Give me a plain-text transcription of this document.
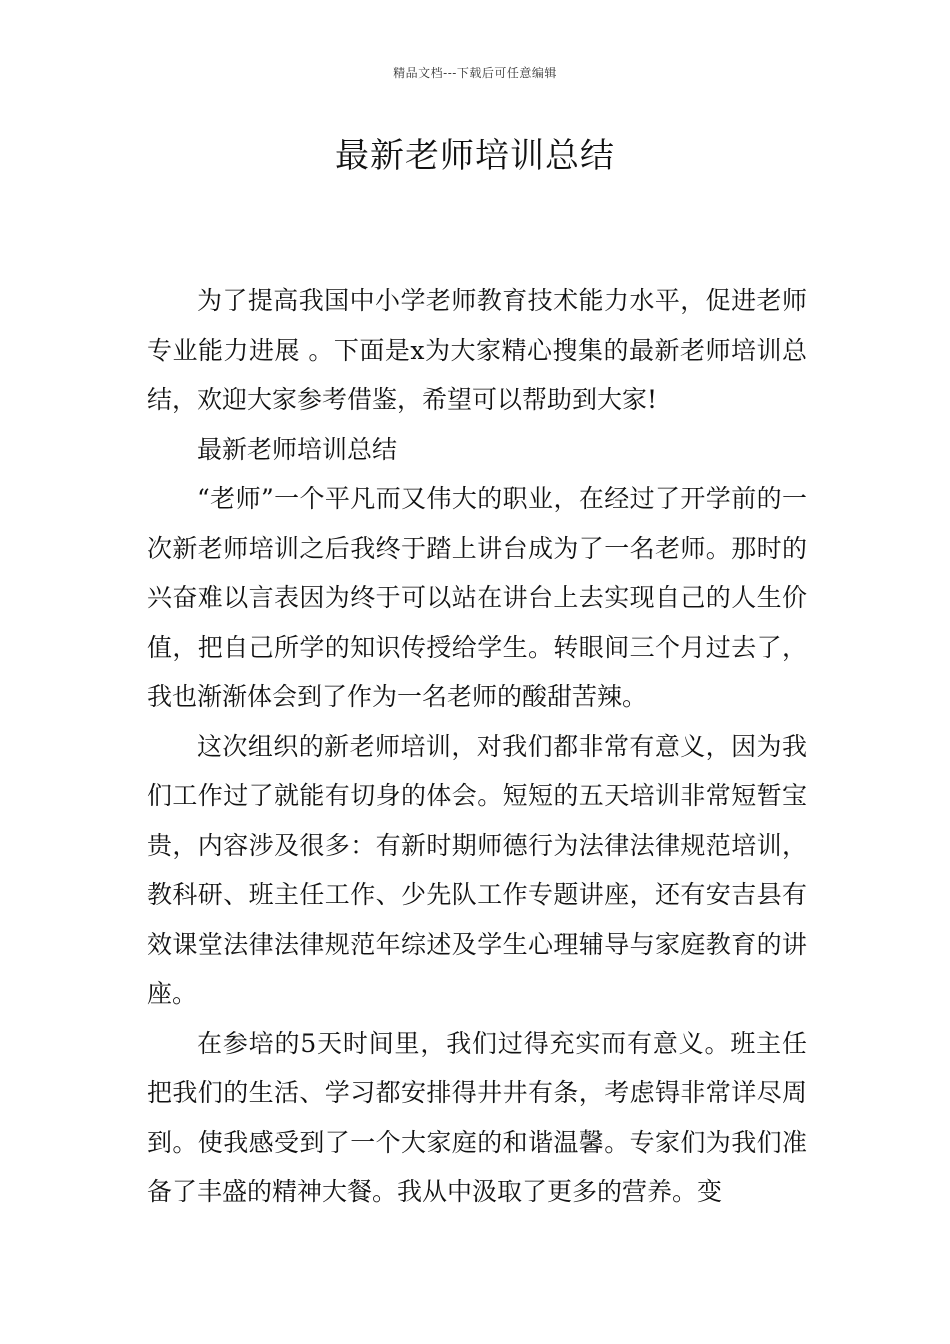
精品文档---下载后可任意编辑
最新老师培训总结

为了提高我国中小学老师教育技术能力水平，促进老师专业能力进展 。下面是x为大家精心搜集的最新老师培训总结，欢迎大家参考借鉴，希望可以帮助到大家!

最新老师培训总结

“老师”一个平凡而又伟大的职业，在经过了开学前的一次新老师培训之后我终于踏上讲台成为了一名老师。那时的兴奋难以言表因为终于可以站在讲台上去实现自己的人生价值，把自己所学的知识传授给学生。转眼间三个月过去了，我也渐渐体会到了作为一名老师的酸甜苦辣。

这次组织的新老师培训，对我们都非常有意义，因为我们工作过了就能有切身的体会。短短的五天培训非常短暂宝贵，内容涉及很多：有新时期师德行为法律法律规范培训，教科研、班主任工作、少先队工作专题讲座，还有安吉县有效课堂法律法律规范年综述及学生心理辅导与家庭教育的讲座。

在参培的5天时间里，我们过得充实而有意义。班主任把我们的生活、学习都安排得井井有条，考虑锝非常详尽周到。使我感受到了一个大家庭的和谐温馨。专家们为我们准备了丰盛的精神大餐。我从中汲取了更多的营养。变
